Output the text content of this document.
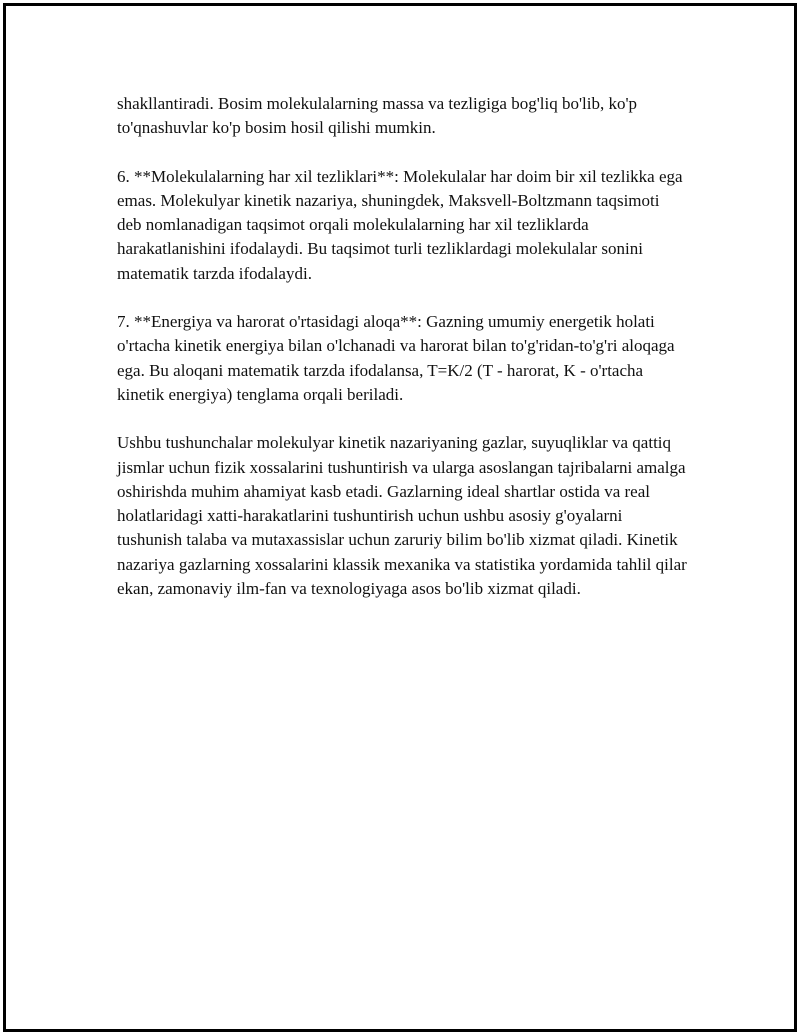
shakllantiradi. Bosim molekulalarning massa va tezligiga bog'liq bo'lib, ko'p to'qnashuvlar ko'p bosim hosil qilishi mumkin.

6. **Molekulalarning har xil tezliklari**: Molekulalar har doim bir xil tezlikka ega emas. Molekulyar kinetik nazariya, shuningdek, Maksvell-Boltzmann taqsimoti deb nomlanadigan taqsimot orqali molekulalarning har xil tezliklarda harakatlanishini ifodalaydi. Bu taqsimot turli tezliklardagi molekulalar sonini matematik tarzda ifodalaydi.

7. **Energiya va harorat o'rtasidagi aloqa**: Gazning umumiy energetik holati o'rtacha kinetik energiya bilan o'lchanadi va harorat bilan to'g'ridan-to'g'ri aloqaga ega. Bu aloqani matematik tarzda ifodalansa, T=K/2 (T - harorat, K - o'rtacha kinetik energiya) tenglama orqali beriladi.

Ushbu tushunchalar molekulyar kinetik nazariyaning gazlar, suyuqliklar va qattiq jismlar uchun fizik xossalarini tushuntirish va ularga asoslangan tajribalarni amalga oshirishda muhim ahamiyat kasb etadi. Gazlarning ideal shartlar ostida va real holatlaridagi xatti-harakatlarini tushuntirish uchun ushbu asosiy g'oyalarni tushunish talaba va mutaxassislar uchun zaruriy bilim bo'lib xizmat qiladi. Kinetik nazariya gazlarning xossalarini klassik mexanika va statistika yordamida tahlil qilar ekan, zamonaviy ilm-fan va texnologiyaga asos bo'lib xizmat qiladi.
